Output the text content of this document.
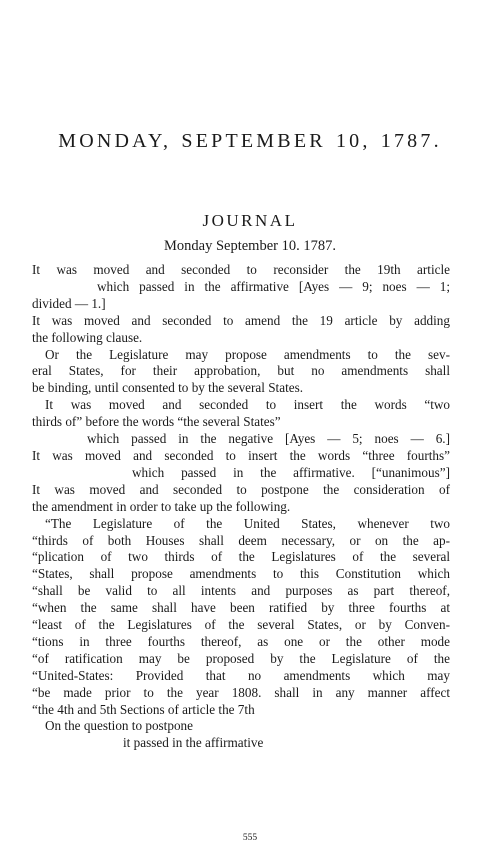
MONDAY, SEPTEMBER 10, 1787.
JOURNAL

Monday September 10. 1787.

It was moved and seconded to reconsider the 19th article
which passed in the affirmative [Ayes — 9; noes — 1;
divided — 1.]
It was moved and seconded to amend the 19 article by adding
the following clause.
Or the Legislature may propose amendments to the sev-
eral States, for their approbation, but no amendments shall
be binding, until consented to by the several States.
It was moved and seconded to insert the words “two
thirds of” before the words “the several States”
which passed in the negative [Ayes — 5; noes — 6.]
It was moved and seconded to insert the words “three fourths”
which passed in the affirmative. [“unanimous”]
It was moved and seconded to postpone the consideration of
the amendment in order to take up the following.
“The Legislature of the United States, whenever two
“thirds of both Houses shall deem necessary, or on the ap-
“plication of two thirds of the Legislatures of the several
“States, shall propose amendments to this Constitution which
“shall be valid to all intents and purposes as part thereof,
“when the same shall have been ratified by three fourths at
“least of the Legislatures of the several States, or by Conven-
“tions in three fourths thereof, as one or the other mode
“of ratification may be proposed by the Legislature of the
“United-States: Provided that no amendments which may
“be made prior to the year 1808. shall in any manner affect
“the 4th and 5th Sections of article the 7th
On the question to postpone
it passed in the affirmative
555
